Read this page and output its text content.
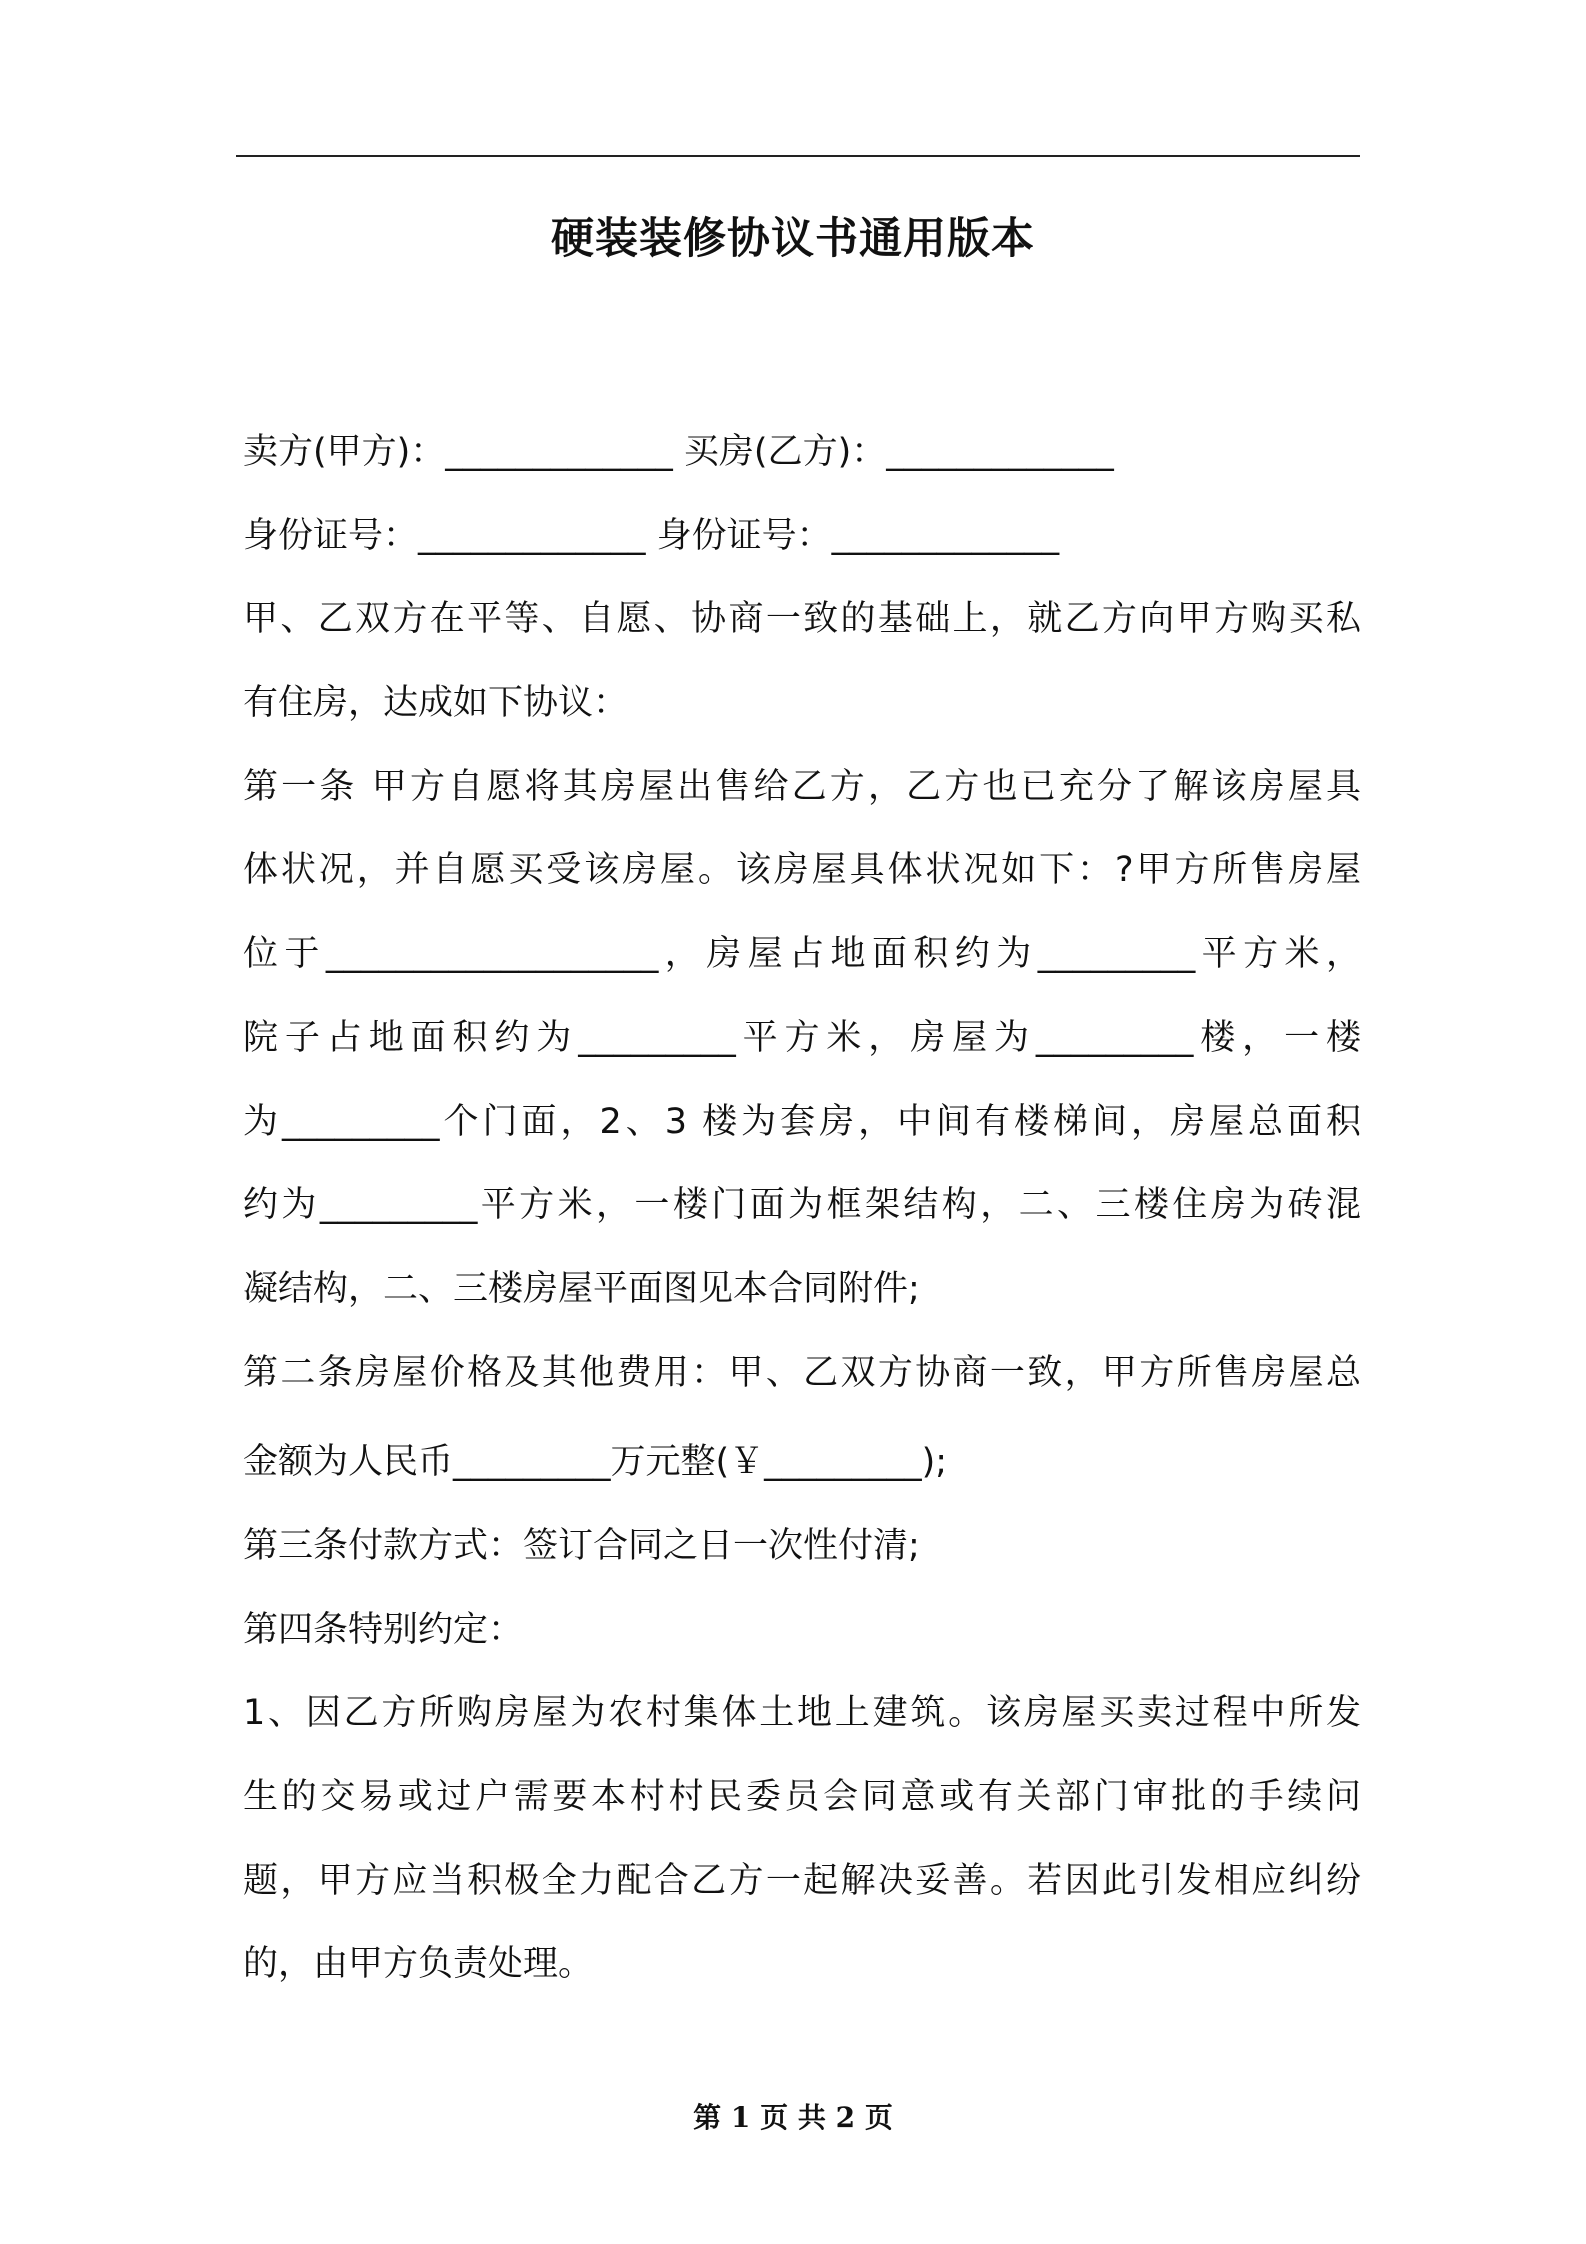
硬装装修协议书通用版本
卖方(甲方)：_____________ 买房(乙方)：_____________
身份证号：_____________ 身份证号：_____________
甲、乙双方在平等、自愿、协商一致的基础上，就乙方向甲方购买私
有住房，达成如下协议：
第一条 甲方自愿将其房屋出售给乙方，乙方也已充分了解该房屋具
体状况，并自愿买受该房屋。该房屋具体状况如下：?甲方所售房屋
位于___________________，房屋占地面积约为_________平方米，
院子占地面积约为_________平方米，房屋为_________楼，一楼
为_________个门面，2、3 楼为套房，中间有楼梯间，房屋总面积
约为_________平方米，一楼门面为框架结构，二、三楼住房为砖混
凝结构，二、三楼房屋平面图见本合同附件;
第二条房屋价格及其他费用：甲、乙双方协商一致，甲方所售房屋总
金额为人民币_________万元整(￥_________);
第三条付款方式：签订合同之日一次性付清;
第四条特别约定：
1、因乙方所购房屋为农村集体土地上建筑。该房屋买卖过程中所发
生的交易或过户需要本村村民委员会同意或有关部门审批的手续问
题，甲方应当积极全力配合乙方一起解决妥善。若因此引发相应纠纷
的，由甲方负责处理。
第 1 页 共 2 页
